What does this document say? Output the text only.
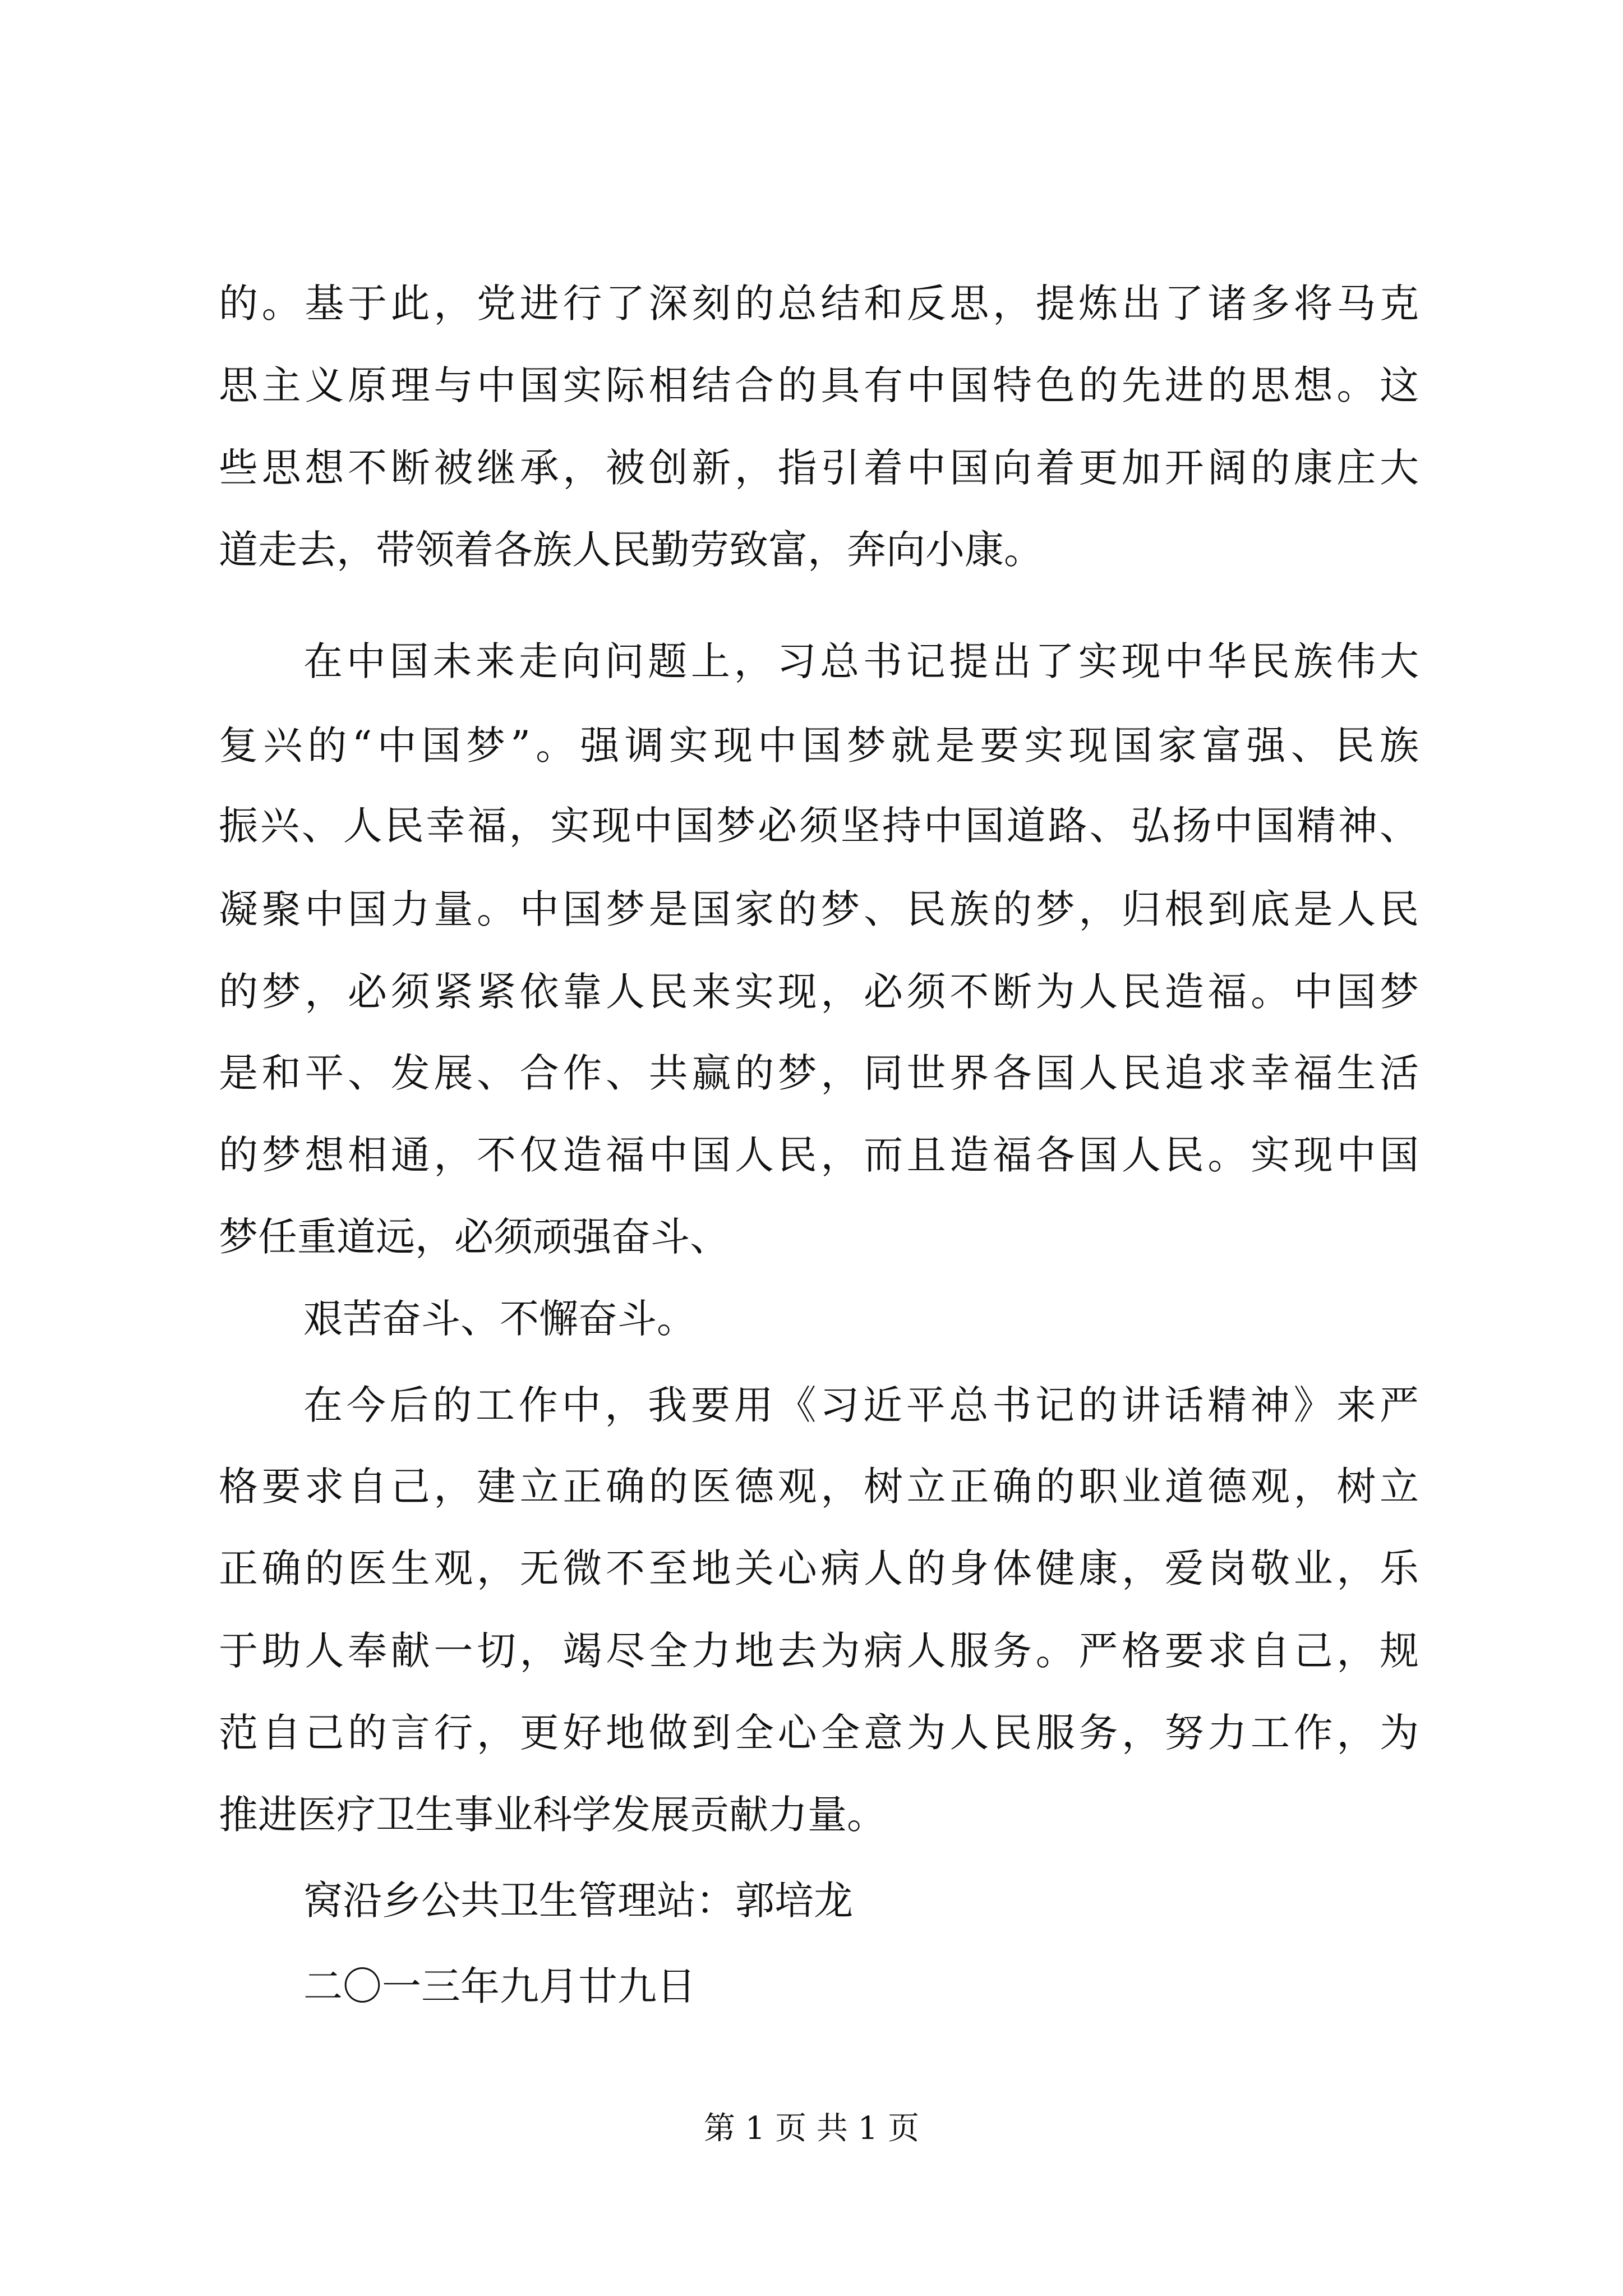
的。基于此，党进行了深刻的总结和反思，提炼出了诸多将马克
思主义原理与中国实际相结合的具有中国特色的先进的思想。这
些思想不断被继承，被创新，指引着中国向着更加开阔的康庄大
道走去，带领着各族人民勤劳致富，奔向小康。
在中国未来走向问题上，习总书记提出了实现中华民族伟大
复兴的“中国梦”。强调实现中国梦就是要实现国家富强、民族
振兴、人民幸福，实现中国梦必须坚持中国道路、弘扬中国精神、
凝聚中国力量。中国梦是国家的梦、民族的梦，归根到底是人民
的梦，必须紧紧依靠人民来实现，必须不断为人民造福。中国梦
是和平、发展、合作、共赢的梦，同世界各国人民追求幸福生活
的梦想相通，不仅造福中国人民，而且造福各国人民。实现中国
梦任重道远，必须顽强奋斗、
艰苦奋斗、不懈奋斗。
在今后的工作中，我要用《习近平总书记的讲话精神》来严
格要求自己，建立正确的医德观，树立正确的职业道德观，树立
正确的医生观，无微不至地关心病人的身体健康，爱岗敬业，乐
于助人奉献一切，竭尽全力地去为病人服务。严格要求自己，规
范自己的言行，更好地做到全心全意为人民服务，努力工作，为
推进医疗卫生事业科学发展贡献力量。
窝沿乡公共卫生管理站：郭培龙
二〇一三年九月廿九日
第 1 页 共 1 页
